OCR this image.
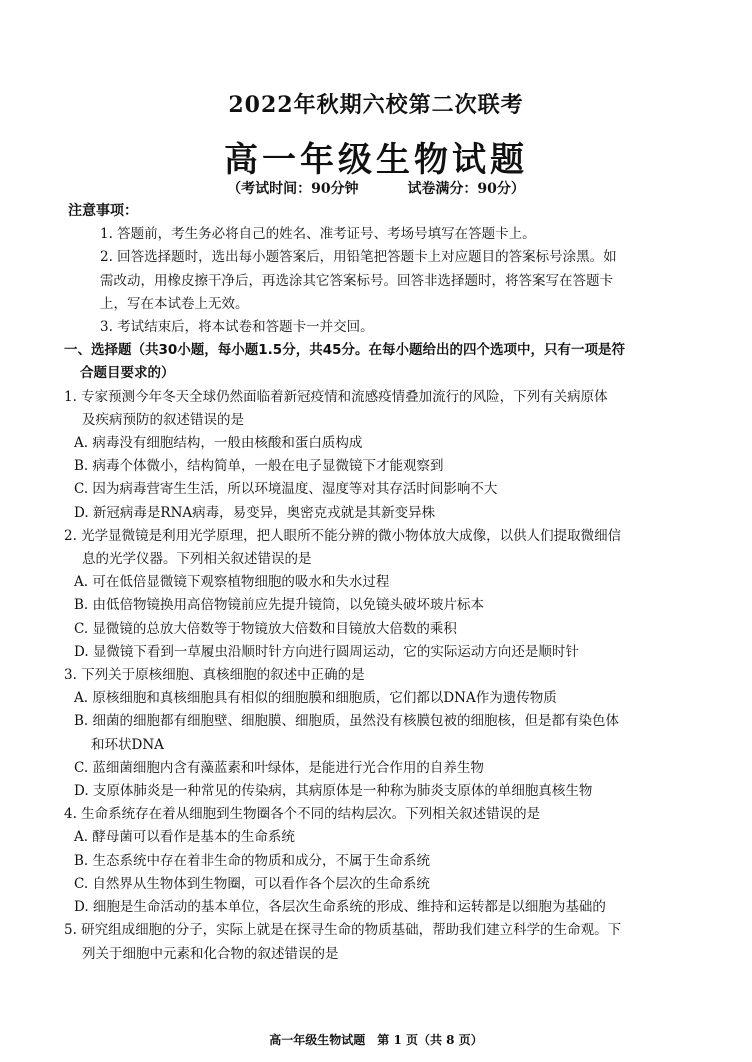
2022年秋期六校第二次联考
高一年级生物试题
（考试时间：90分钟	试卷满分：90分）
注意事项：
1. 答题前，考生务必将自己的姓名、准考证号、考场号填写在答题卡上。
2. 回答选择题时，选出每小题答案后，用铅笔把答题卡上对应题目的答案标号涂黑。如
需改动，用橡皮擦干净后，再选涂其它答案标号。回答非选择题时，将答案写在答题卡
上，写在本试卷上无效。
3. 考试结束后，将本试卷和答题卡一并交回。
一、选择题（共30小题，每小题1.5分，共45分。在每小题给出的四个选项中，只有一项是符
合题目要求的）
1. 专家预测今年冬天全球仍然面临着新冠疫情和流感疫情叠加流行的风险，下列有关病原体
及疾病预防的叙述错误的是
A. 病毒没有细胞结构，一般由核酸和蛋白质构成
B. 病毒个体微小，结构简单，一般在电子显微镜下才能观察到
C. 因为病毒营寄生生活，所以环境温度、湿度等对其存活时间影响不大
D. 新冠病毒是RNA病毒，易变异，奥密克戎就是其新变异株
2. 光学显微镜是利用光学原理，把人眼所不能分辨的微小物体放大成像，以供人们提取微细信
息的光学仪器。下列相关叙述错误的是
A. 可在低倍显微镜下观察植物细胞的吸水和失水过程
B. 由低倍物镜换用高倍物镜前应先提升镜筒，以免镜头破坏玻片标本
C. 显微镜的总放大倍数等于物镜放大倍数和目镜放大倍数的乘积
D. 显微镜下看到一草履虫沿顺时针方向进行圆周运动，它的实际运动方向还是顺时针
3. 下列关于原核细胞、真核细胞的叙述中正确的是
A. 原核细胞和真核细胞具有相似的细胞膜和细胞质，它们都以DNA作为遗传物质
B. 细菌的细胞都有细胞壁、细胞膜、细胞质，虽然没有核膜包被的细胞核，但是都有染色体
和环状DNA
C. 蓝细菌细胞内含有藻蓝素和叶绿体，是能进行光合作用的自养生物
D. 支原体肺炎是一种常见的传染病，其病原体是一种称为肺炎支原体的单细胞真核生物
4. 生命系统存在着从细胞到生物圈各个不同的结构层次。下列相关叙述错误的是
A. 酵母菌可以看作是基本的生命系统
B. 生态系统中存在着非生命的物质和成分，不属于生命系统
C. 自然界从生物体到生物圈，可以看作各个层次的生命系统
D. 细胞是生命活动的基本单位，各层次生命系统的形成、维持和运转都是以细胞为基础的
5. 研究组成细胞的分子，实际上就是在探寻生命的物质基础，帮助我们建立科学的生命观。下
列关于细胞中元素和化合物的叙述错误的是
高一年级生物试题　第 1 页（共 8 页）
